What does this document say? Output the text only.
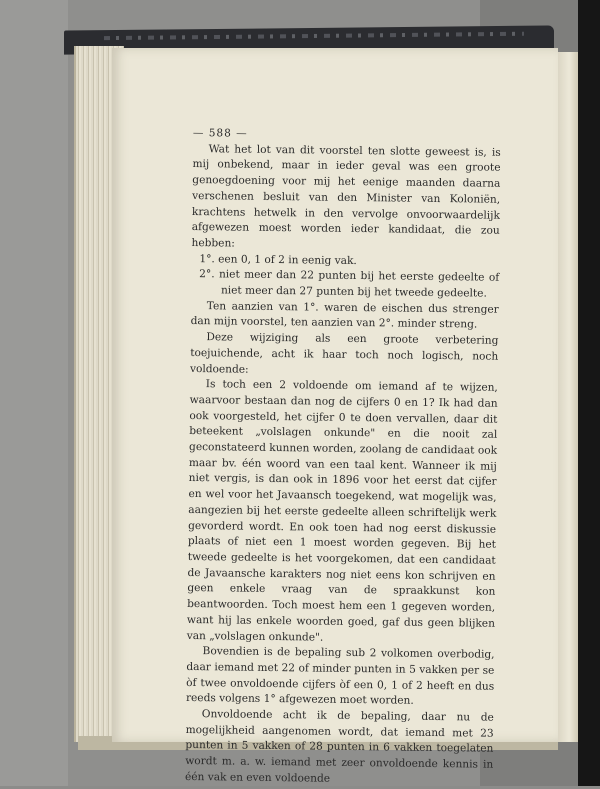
— 588 —

Wat het lot van dit voorstel ten slotte geweest is, is mij onbekend, maar in ieder geval was een groote genoegdoening voor mij het eenige maanden daarna verschenen besluit van den Minister van Koloniën, krachtens hetwelk in den vervolge onvoorwaardelijk afgewezen moest worden ieder kandidaat, die zou hebben:

1°. een 0, 1 of 2 in eenig vak.

2°. niet meer dan 22 punten bij het eerste gedeelte of niet meer dan 27 punten bij het tweede gedeelte.

Ten aanzien van 1°. waren de eischen dus strenger dan mijn voorstel, ten aanzien van 2°. minder streng.

Deze wijziging als een groote verbetering toejuichende, acht ik haar toch noch logisch, noch voldoende:

Is toch een 2 voldoende om iemand af te wijzen, waarvoor bestaan dan nog de cijfers 0 en 1? Ik had dan ook voorgesteld, het cijfer 0 te doen vervallen, daar dit beteekent „volslagen onkunde" en die nooit zal geconstateerd kunnen worden, zoolang de candidaat ook maar bv. één woord van een taal kent. Wanneer ik mij niet vergis, is dan ook in 1896 voor het eerst dat cijfer en wel voor het Javaansch toegekend, wat mogelijk was, aangezien bij het eerste gedeelte alleen schriftelijk werk gevorderd wordt. En ook toen had nog eerst diskussie plaats of niet een 1 moest worden gegeven. Bij het tweede gedeelte is het voorgekomen, dat een candidaat de Javaansche karakters nog niet eens kon schrijven en geen enkele vraag van de spraakkunst kon beantwoorden. Toch moest hem een 1 gegeven worden, want hij las enkele woorden goed, gaf dus geen blijken van „volslagen onkunde".

Bovendien is de bepaling sub 2 volkomen overbodig, daar iemand met 22 of minder punten in 5 vakken per se òf twee onvoldoende cijfers òf een 0, 1 of 2 heeft en dus reeds volgens 1° afgewezen moet worden.

Onvoldoende acht ik de bepaling, daar nu de mogelijkheid aangenomen wordt, dat iemand met 23 punten in 5 vakken of 28 punten in 6 vakken toegelaten wordt m. a. w. iemand met zeer onvoldoende kennis in één vak en even voldoende
